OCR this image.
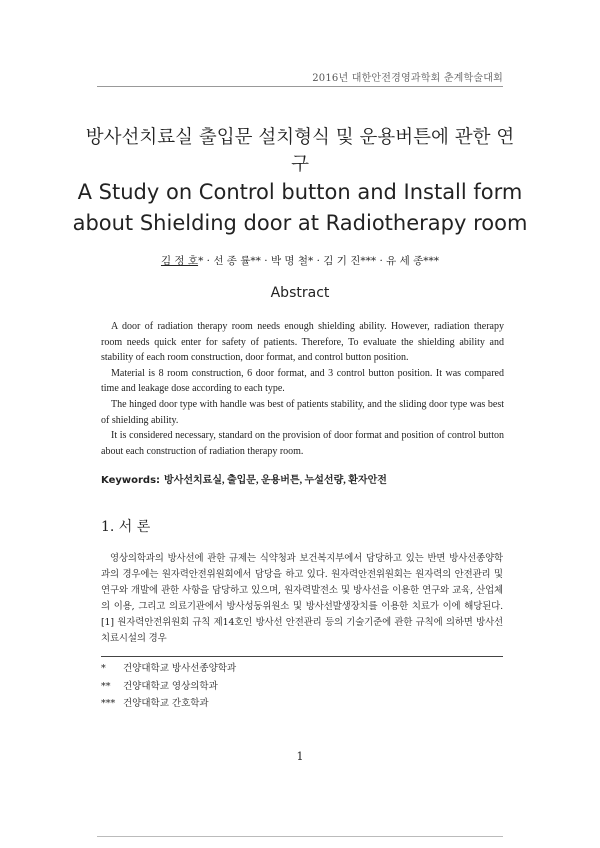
2016년 대한안전경영과학회 춘계학술대회
방사선치료실 출입문 설치형식 및 운용버튼에 관한 연구
A Study on Control button and Install form about Shielding door at Radiotherapy room
김 정 호* · 선 종 률** · 박 명 철* · 김 기 진*** · 유 세 종***
Abstract

A door of radiation therapy room needs enough shielding ability. However, radiation therapy room needs quick enter for safety of patients. Therefore, To evaluate the shielding ability and stability of each room construction, door format, and control button position.

Material is 8 room construction, 6 door format, and 3 control button position. It was compared time and leakage dose according to each type.

The hinged door type with handle was best of patients stability, and the sliding door type was best of shielding ability.

It is considered necessary, standard on the provision of door format and position of control button about each construction of radiation therapy room.

Keywords: 방사선치료실, 출입문, 운용버튼, 누설선량, 환자안전
1. 서 론

영상의학과의 방사선에 관한 규제는 식약청과 보건복지부에서 담당하고 있는 반면 방사선종양학과의 경우에는 원자력안전위원회에서 담당을 하고 있다. 원자력안전위원회는 원자력의 안전관리 및 연구와 개발에 관한 사항을 담당하고 있으며, 원자력발전소 및 방사선을 이용한 연구와 교육, 산업체의 이용, 그리고 의료기관에서 방사성동위원소 및 방사선발생장치를 이용한 치료가 이에 해당된다.[1] 원자력안전위원회 규칙 제14호인 방사선 안전관리 등의 기술기준에 관한 규칙에 의하면 방사선치료시설의 경우

* 건양대학교 방사선종양학과
** 건양대학교 영상의학과
*** 건양대학교 간호학과
1
